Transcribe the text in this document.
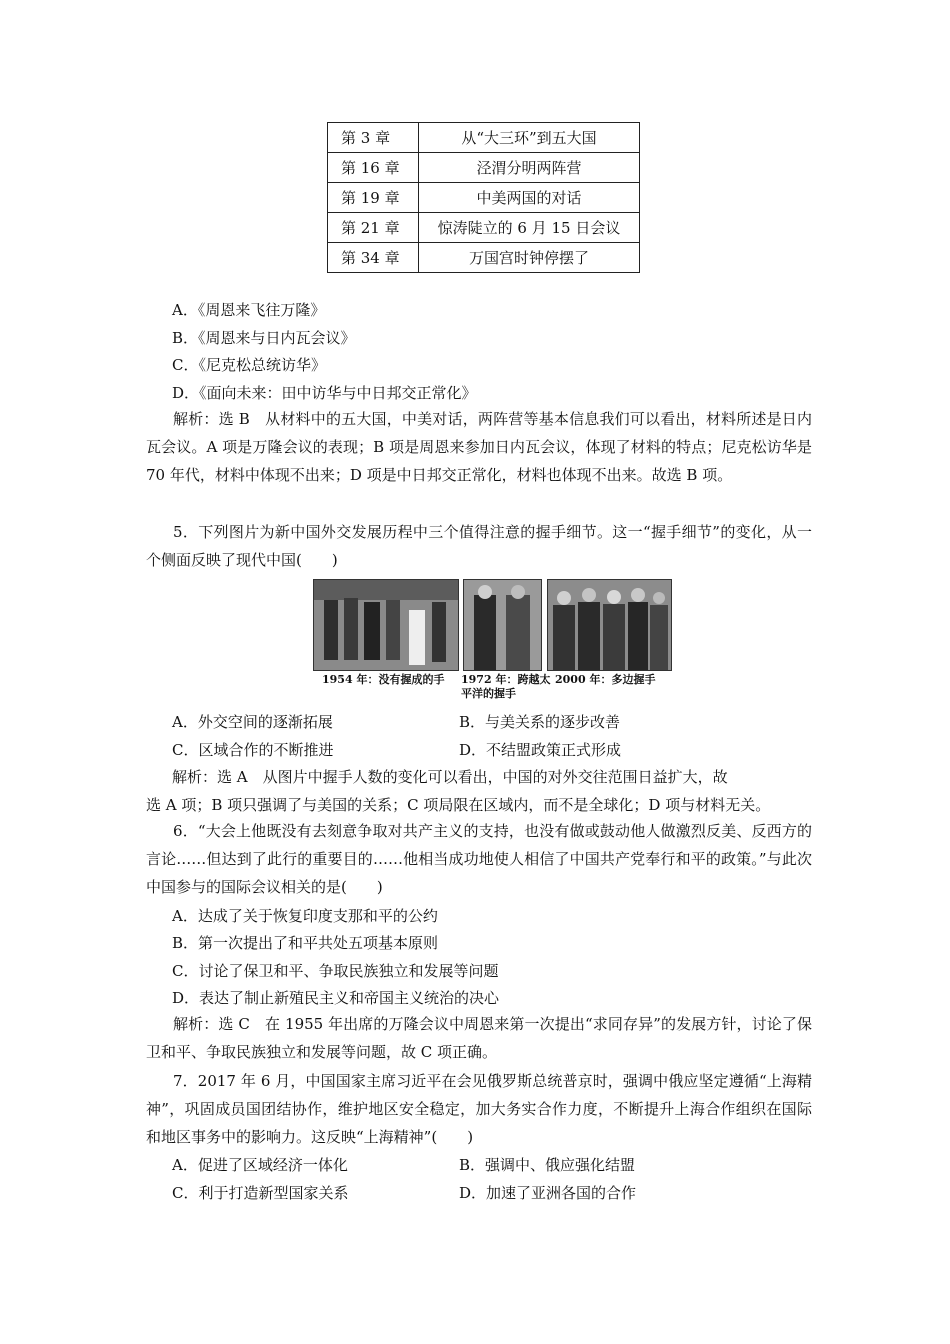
第 3 章	从“大三环”到五大国
第 16 章	泾渭分明两阵营
第 19 章	中美两国的对话
第 21 章	惊涛陡立的 6 月 15 日会议
第 34 章	万国宫时钟停摆了
A．《周恩来飞往万隆》
B．《周恩来与日内瓦会议》
C．《尼克松总统访华》
D．《面向未来：田中访华与中日邦交正常化》
解析：选 B　从材料中的五大国，中美对话，两阵营等基本信息我们可以看出，材料所述是日内瓦会议。A 项是万隆会议的表现；B 项是周恩来参加日内瓦会议，体现了材料的特点；尼克松访华是 70 年代，材料中体现不出来；D 项是中日邦交正常化，材料也体现不出来。故选 B 项。
5．下列图片为新中国外交发展历程中三个值得注意的握手细节。这一“握手细节”的变化，从一个侧面反映了现代中国(　　)
1954 年：没有握成的手 1972 年：跨越太
平洋的握手
2000 年：多边握手
A．外交空间的逐渐拓展	B．与美关系的逐步改善
C．区域合作的不断推进	D．不结盟政策正式形成
解析：选 A　从图片中握手人数的变化可以看出，中国的对外交往范围日益扩大，故
选 A 项；B 项只强调了与美国的关系；C 项局限在区域内，而不是全球化；D 项与材料无关。
6．“大会上他既没有去刻意争取对共产主义的支持，也没有做或鼓动他人做激烈反美、反西方的言论……但达到了此行的重要目的……他相当成功地使人相信了中国共产党奉行和平的政策。”与此次中国参与的国际会议相关的是(　　)
A．达成了关于恢复印度支那和平的公约
B．第一次提出了和平共处五项基本原则
C．讨论了保卫和平、争取民族独立和发展等问题
D．表达了制止新殖民主义和帝国主义统治的决心
解析：选 C　在 1955 年出席的万隆会议中周恩来第一次提出“求同存异”的发展方针，讨论了保卫和平、争取民族独立和发展等问题，故 C 项正确。
7．2017 年 6 月，中国国家主席习近平在会见俄罗斯总统普京时，强调中俄应坚定遵循“上海精神”，巩固成员国团结协作，维护地区安全稳定，加大务实合作力度，不断提升上海合作组织在国际和地区事务中的影响力。这反映“上海精神”(　　)
A．促进了区域经济一体化	B．强调中、俄应强化结盟
C．利于打造新型国家关系	D．加速了亚洲各国的合作
